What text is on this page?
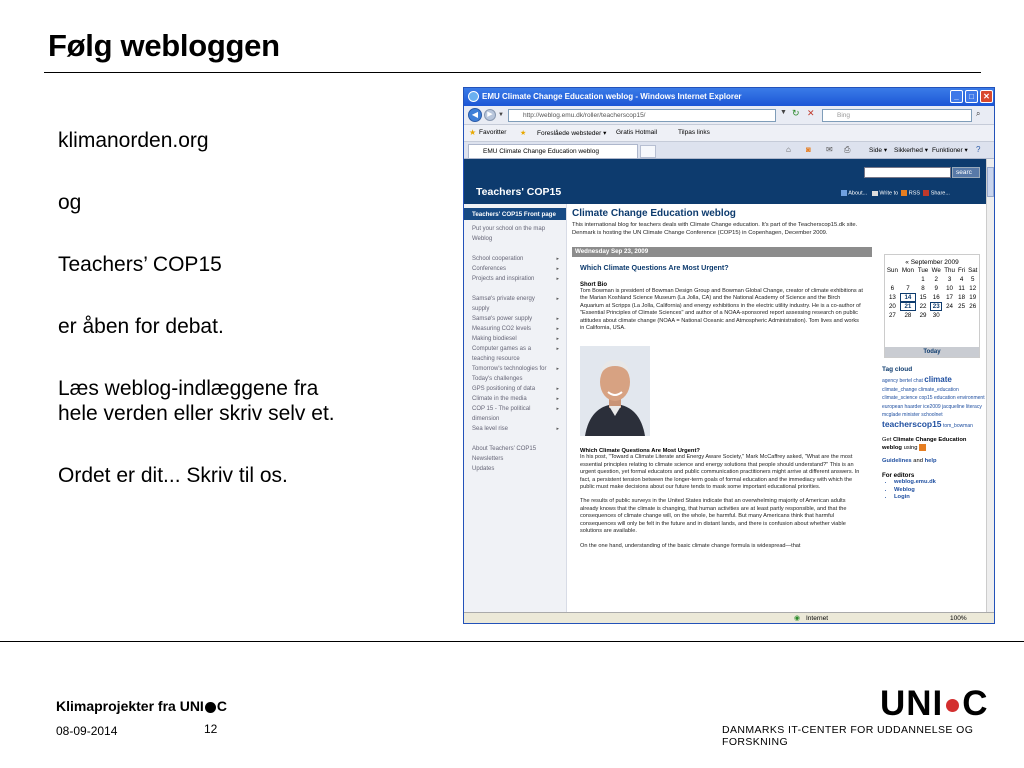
Følg webloggen

klimanorden.org

og

Teachers’ COP15

er åben for debat.

Læs weblog-indlæggene fra

hele verden eller skriv selv et.

Ordet er dit... Skriv til os.

EMU Climate Change Education weblog - Windows Internet Explorer	_	□	✕
◀	▶ ▼	http://weblog.emu.dk/roller/teacherscop15/	▼ ↻ ✕	Bing	⌕
★ Favoritter ★ Foreslåede websteder ▾ Gratis Hotmail	Tilpas links
EMU Climate Change Education weblog	⌂ ◙ ✉ ⎙	Side ▾ Sikkerhed ▾ Funktioner ▾ ?
searc
Teachers' COP15	About... Write to RSS Share...
Teachers' COP15 Front page
Put your school on the map
Weblog

School cooperation	▸
Conferences	▸
Projects and inspiration	▸

Samsø's private energy	▸
supply
Samsø's power supply	▸
Measuring CO2 levels	▸
Making biodiesel	▸
Computer games as a	▸
teaching resource
Tomorrow's technologies for ▸
Today's challenges
GPS positioning of data	▸
Climate in the media	▸
COP 15 - The political	▸
dimension
Sea level rise	▸

About Teachers' COP15
Newsletters
Updates
Climate Change Education weblog
This international blog for teachers deals with Climate Change education. It's part of the Teacherscop15.dk site. Denmark is hosting the UN Climate Change Conference (COP15) in Copenhagen, December 2009.
Wednesday Sep 23, 2009
Which Climate Questions Are Most Urgent?
Short Bio
Tom Bowman is president of Bowman Design Group and Bowman Global Change, creator of climate exhibitions at the Marian Koshland Science Museum (La Jolla, CA) and the National Academy of Science and the Birch Aquarium at Scripps (La Jolla, California) and energy exhibitions in the electric utility industry. He is a co-author of "Essential Principles of Climate Sciences" and author of a NOAA-sponsored report assessing research on public attitudes about climate change (NOAA = National Oceanic and Atmospheric Administration). Tom lives and works in California, USA.
Which Climate Questions Are Most Urgent?
In his post, "Toward a Climate Literate and Energy Aware Society," Mark McCaffrey asked, "What are the most essential principles relating to climate science and energy solutions that people should understand?" This is an urgent question, yet formal educators and public communication practitioners might arrive at different answers. In fact, a persistent tension between the longer-term goals of formal education and the immediacy with which the public must make decisions about our future tends to mask some important educational priorities.
The results of public surveys in the United States indicate that an overwhelming majority of American adults already knows that the climate is changing, that human activities are at least partly responsible, and that the consequences of climate change will, on the whole, be harmful. But many Americans think that harmful consequences will only be felt in the future and in distant lands, and there is confusion about whether viable solutions are available.
On the one hand, understanding of the basic climate change formula is widespread—that
« September 2009
Sun	Mon	Tue	We	Thu	Fri	Sat
		1	2	3	4	5
6	7	8	9	10	11	12
13	14	15	16	17	18	19
20	21	22	23	24	25	26
27	28	29	30			
Today
Tag cloud
agency bertel chat climate climate_change climate_education climate_science cop15 education environment european haarder ice2009 jacqueline literacy mcglade minister schoolnet teacherscop15 tom_bowman
Get Climate Change Education weblog using
Guidelines and help
For editors
• weblog.emu.dk
• Weblog
• Login
◉ Internet	100%
Klimaprojekter fra UNI C
08-09-2014	12
UNI C
DANMARKS IT-CENTER FOR UDDANNELSE OG FORSKNING
